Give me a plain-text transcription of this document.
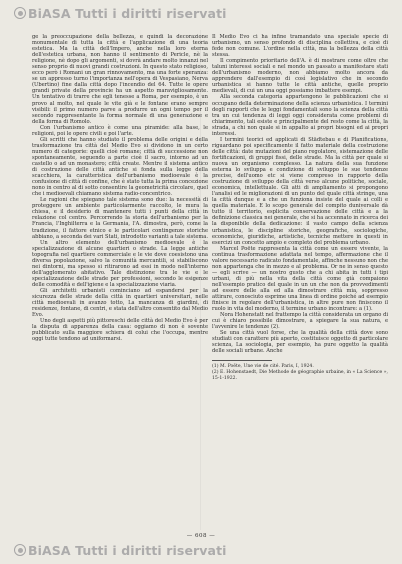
BiASA Tutti i diritti riservati

ge la preoccupazione della bellezza, e quindi la decorazione monumentale di tutta la città e l'applicazione di una teoria estetica. Ma la città dell'Impero, anche nella loro eterna dell'estetica urbana, non hanno il sentimento di Pericle, nè la religione, nè dopo gli argomenti, si dovrà andare molto innanzi nel senso proprio di nuovi grandi costruzioni. In questo stato religioso, ecco però i Romani un gran rinnovamento, ma una forte speranza: se un appresso turno l'importanza nell'opera di Vespasiano, Nerva (Ubertino) fine dalla città dopo l'incendio del 64. Tutte le opere grandi private della provincie ha un aspetto maravigliosamente. Un tentativo di trarre che egli tenesse a Roma, per esempio, è un provo al molto, nel quale le vite già e le fontane erano sempre visibili: il primo numero parve a produrre un ogni tempo per il secondo rappresentante la forma normale di una generazione e della forma di Romolo.

Con l'urbanismo antico è come una piramide: alla base, le religioni, poi le opere civili e poi l'arte.

Gli scritti che hanno studiato il problema delle origini e della trasformazione tra città del Medio Evo si dividono in un certo numero di categorie: quelli cioè romane; città di successione non spontaneamente, seguendo a parte cioè il sacro, intorno ad un castello o ad un monastero; città create. Mentre il sistema antico di costruzione delle città antiche si fonda sulla legge della scacchiera, la caratteristica dell'urbanismo medioevale è la confusione di città di confine, che è stato tutta la prima concezione nono in centro al di sotto consentire la geometricità circolare, quel che i medioevali chiamano sistema radio-concentrico.

Le ragioni che spiegano tale sistema sono due: la necessità di proteggere un ambiente particolarmente raccolto, le mura la chiesa, e il desiderio di mantenere tutti i punti della città in relazione col centro. Percorrendo la storia dell'urbanismo per la Francia, l'Inghilterra e la Germania, l'A. dimostra, però, come la tradizione, il fattore etnico e le particolari contingenze storiche abbiano, a seconda dei vari Stati, introdotto varianti a tale sistema.

Un altro elemento dell'urbanismo medioevale è la specializzazione di alcune quartieri o strade. La legge antiche topografia nel quartiere commerciale e le vie dove coesistono una diversa popolazione, salvo la comunità mercantili, si stabiliscono nei dintorni, ma spesso si ritirarono ad essi in modo nell'interno dell'agglomerato abitativo. Tale distinzione tra le vie e le specializzazione delle strade per professioni, secondo le esigenze delle comodità e dell'igiene e la specializzazione viaria.

Gli architetti urbanisti cominciano ad espandersi per la sicurezza delle strade della città in quartieri universitari, nelle città medioevali in avanzo totto, La mancanza di giardini, di residenze, fontane, di centri, e stata dell'altro consentito dal Medio Evo.

Uno degli aspetti più pittoreschi delle città del Medio Evo è per la disputa di apparenza della casa: oggiamo di non è sovente pubblicato sulla maggiore schiera di colui che l'occupa, mentre oggi tutte tendono ad uniformarsi.

Il Medio Evo ci ha infine tramandato una speciale specie di urbanismo, un senso profondo di disciplina collettiva, e cioè di fede non comune. L'ordine nella città, ma la bellezza della città stessa.

Il compimento prioritario dell'A. è di mostrare come oltre che taluni interessi sociali e nel mondo un passato a manifestare stati dell'urbanismo moderno, non abbiamo molto ancora da apprendere dall'esempio di così legislativo che in secondo urbanistica si hanno tutte le città antiche, quelle proprio medievali, di cui un una oggi possiamo imbattere esempi.

Alla seconda categoria appartengono le pubblicazioni che si occupano della determinazione della scienza urbanistica. I termini degli rapporti che le leggi fondamentali sono la scienza della città tra un cui tendenza di leggi oggi considerata come problemi di chiarimento, tali esiste e principalmente del resto come la città, la strada, a chi non quale si in appalto ai propri bisogni ed ai propri interessi.

I termini teorici ed applicati di Städtebau e di Planifications, riguardano poi specificamente il fatto materiale della costruzione delle città: date mutazioni del piano regolatore, sistemazione delle fortificazioni, di gruppi fissi, delle strade. Ma la città per quale si nuova un organismo complesso. La natura della sua funzione esterna lo sviluppa e condizione di sviluppo le sue tendenze precise, dell'uomo etc si viene compreso in rapporto della costruzione di sviluppo della città verso alcune politiche, sociale, economica, intellettuale. Gli atti di ampliamento si propongono l'analisi ed le migliorazioni di un punto del quale città stringe, una la città dunque e a che un funziona insiste del quale ai colli e quella materiale. E lo scopo generale del compito duniversale dà tutto il territorio, esplicita conservazione delle città e a la definizione classica nei generale, che si ha accennato in ricerca dei la disponibile della dedicazione: il vasto campo della scienza urbanistica, le discipline storiche, geografiche, sociologiche, economiche, giuridiche, artistiche, tecniche mettere in questi in esercizi un concetto ampio e completo del problema urbano.

Marcel Poëte rappresenta la città come un essere vivente, la continua trasformazione adattata nel tempo, affermazione che il valore necessario radicato fondamentale, affinche nessuno non che non appartenga che in mezzo e al problema. Or ne in senso questo — egli scrive — un nostro gusto che a chi abita in tutti i tipi urbani, di più nella vita della città come già compaiono nell'esempio pratico del quale in un un che non da provvedimenti ad essere delle alla ed alla dimostrare città mia, soppresso attirare, conosciuto esprime una linea di ordine poiché ad esempio finisce in regolare dell'urbanistica, in altre pure non finiscono il ruolo in vita del moderno, il termine urbano incontrare: a (1).

Nora Hohenstatt nel frattempo la città considerata un organo di cui è chiaro possibile dimostrare, a spiegare la sua natura, e l'avvenire le tendenze (2).

Se una città vuol forse, che la qualità della città dove sono studiati con carattere più aperto, costituisce oggetto di particolare scienza, La sociologia, per esempio, ha pure oggetto la qualità delle sociali urbane. Anche

(1) M. Poëte, Une vie de cité. Paris, I, 1924.

(2) E. Hohenstaedt, Die Methode de géographie urbaine, in « La Science », 15-1-1922.

— 608 —
BiASA Tutti i diritti riservati
